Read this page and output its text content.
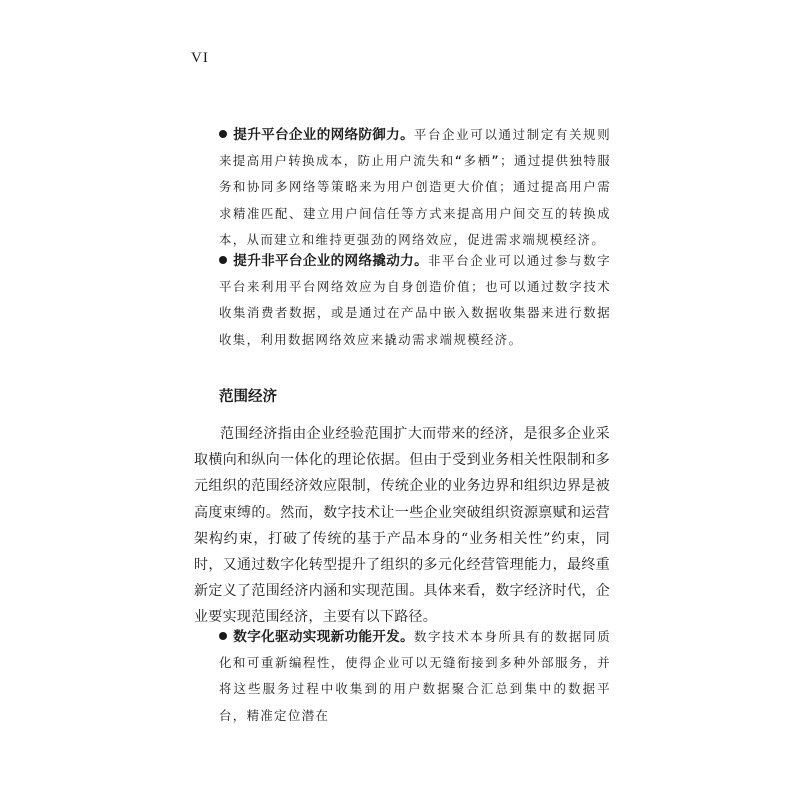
VI
提升平台企业的网络防御力。平台企业可以通过制定有关规则来提高用户转换成本，防止用户流失和“多栖”；通过提供独特服务和协同多网络等策略来为用户创造更大价值；通过提高用户需求精准匹配、建立用户间信任等方式来提高用户间交互的转换成本，从而建立和维持更强劲的网络效应，促进需求端规模经济。
提升非平台企业的网络撬动力。非平台企业可以通过参与数字平台来利用平台网络效应为自身创造价值；也可以通过数字技术收集消费者数据，或是通过在产品中嵌入数据收集器来进行数据收集，利用数据网络效应来撬动需求端规模经济。
范围经济
范围经济指由企业经验范围扩大而带来的经济，是很多企业采取横向和纵向一体化的理论依据。但由于受到业务相关性限制和多元组织的范围经济效应限制，传统企业的业务边界和组织边界是被高度束缚的。然而，数字技术让一些企业突破组织资源禀赋和运营架构约束，打破了传统的基于产品本身的“业务相关性”约束，同时，又通过数字化转型提升了组织的多元化经营管理能力，最终重新定义了范围经济内涵和实现范围。具体来看，数字经济时代，企业要实现范围经济，主要有以下路径。
数字化驱动实现新功能开发。数字技术本身所具有的数据同质化和可重新编程性，使得企业可以无缝衔接到多种外部服务，并将这些服务过程中收集到的用户数据聚合汇总到集中的数据平台，精准定位潜在
